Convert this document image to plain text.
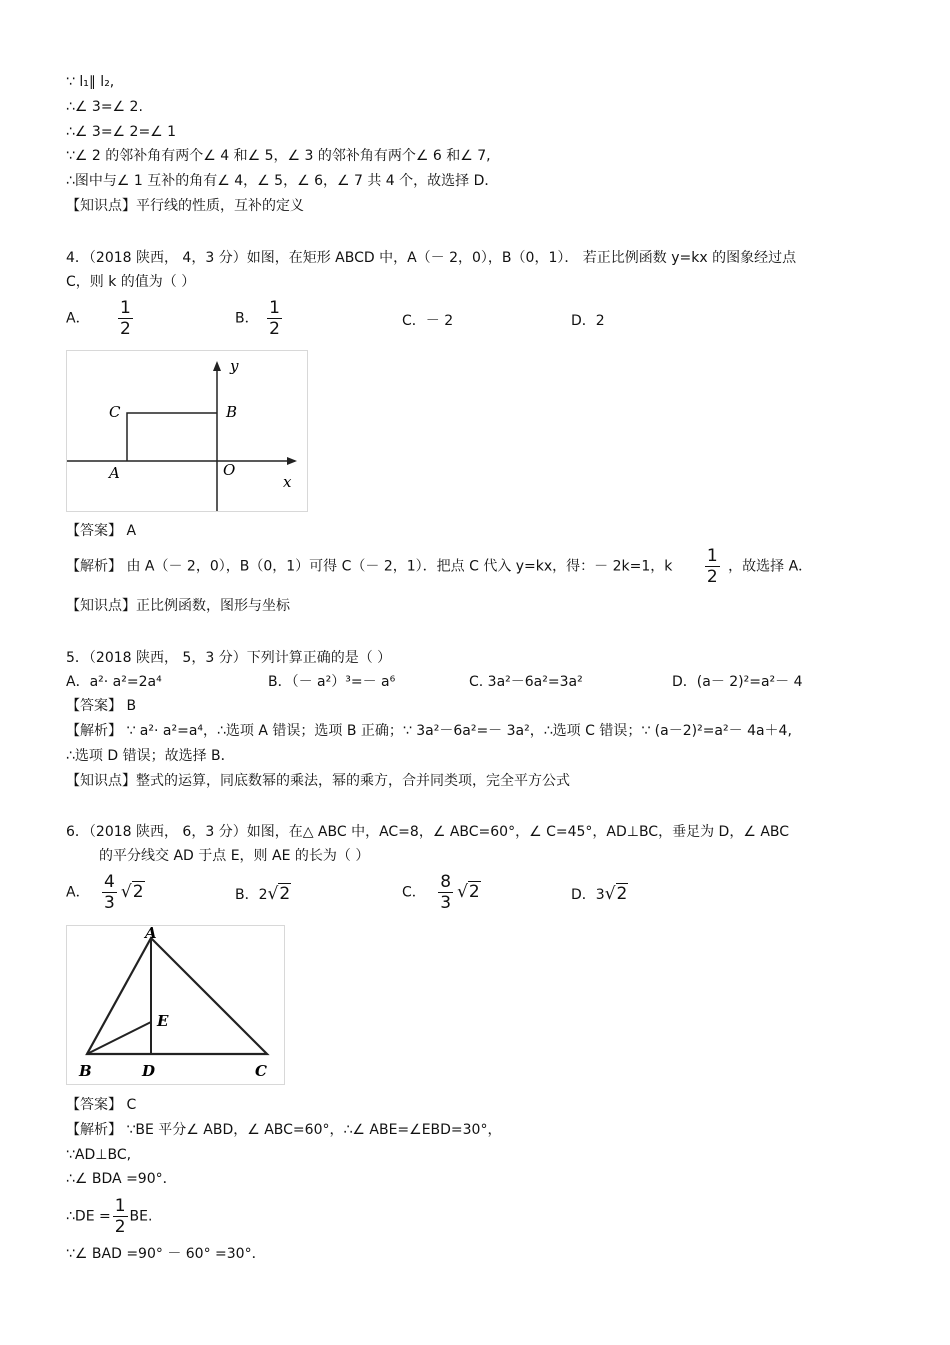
∵ l₁∥ l₂,
∴∠ 3=∠ 2.
∴∠ 3=∠ 2=∠ 1
∵∠ 2 的邻补角有两个∠ 4 和∠ 5，∠ 3 的邻补角有两个∠ 6 和∠ 7,
∴图中与∠ 1 互补的角有∠ 4，∠ 5，∠ 6，∠ 7 共 4 个，故选择 D．
【知识点】平行线的性质，互补的定义
4．（2018 陕西， 4，3 分）如图，在矩形 ABCD 中，A（－ 2，0），B（0，1）． 若正比例函数 y=kx 的图象经过点
C，则 k 的值为（ ）
A． $\frac{1}{2}$	B． $\frac{1}{2}$	C．－ 2	D．2
y
x
C	B
A	O
【答案】 A
【解析】 由 A（－ 2，0），B（0，1）可得 C（－ 2，1）．把点 C 代入 y=kx，得：－ 2k=1，k $\frac{1}{2}$ ，故选择 A．
【知识点】正比例函数，图形与坐标
5．（2018 陕西， 5，3 分）下列计算正确的是（ ）
A．a²· a²=2a⁴	B．（－ a²）³=－ a⁶	C. 3a²－6a²=3a²	D．(a－ 2)²=a²－ 4
【答案】 B
【解析】 ∵ a²· a²=a⁴，∴选项 A 错误；选项 B 正确；∵ 3a²－6a²=－ 3a²，∴选项 C 错误；∵ (a－2)²=a²－ 4a＋4,
∴选项 D 错误；故选择 B．
【知识点】整式的运算，同底数幂的乘法，幂的乘方，合并同类项，完全平方公式
6．（2018 陕西， 6，3 分）如图，在△ ABC 中，AC=8，∠ ABC=60°，∠ C=45°，AD⊥BC，垂足为 D，∠ ABC
的平分线交 AD 于点 E，则 AE 的长为（ ）
A． $\frac{4}{3} √2$	B．2√2	C． $\frac{8}{3} √2$	D．3√2
A
E
B	D	C
【答案】 C
【解析】 ∵BE 平分∠ ABD，∠ ABC=60°，∴∠ ABE=∠EBD=30°，
∵AD⊥BC,
∴∠ BDA =90°．
∴DE = $\frac{1}{2}$ BE.
∵∠ BAD =90° － 60° =30°．
